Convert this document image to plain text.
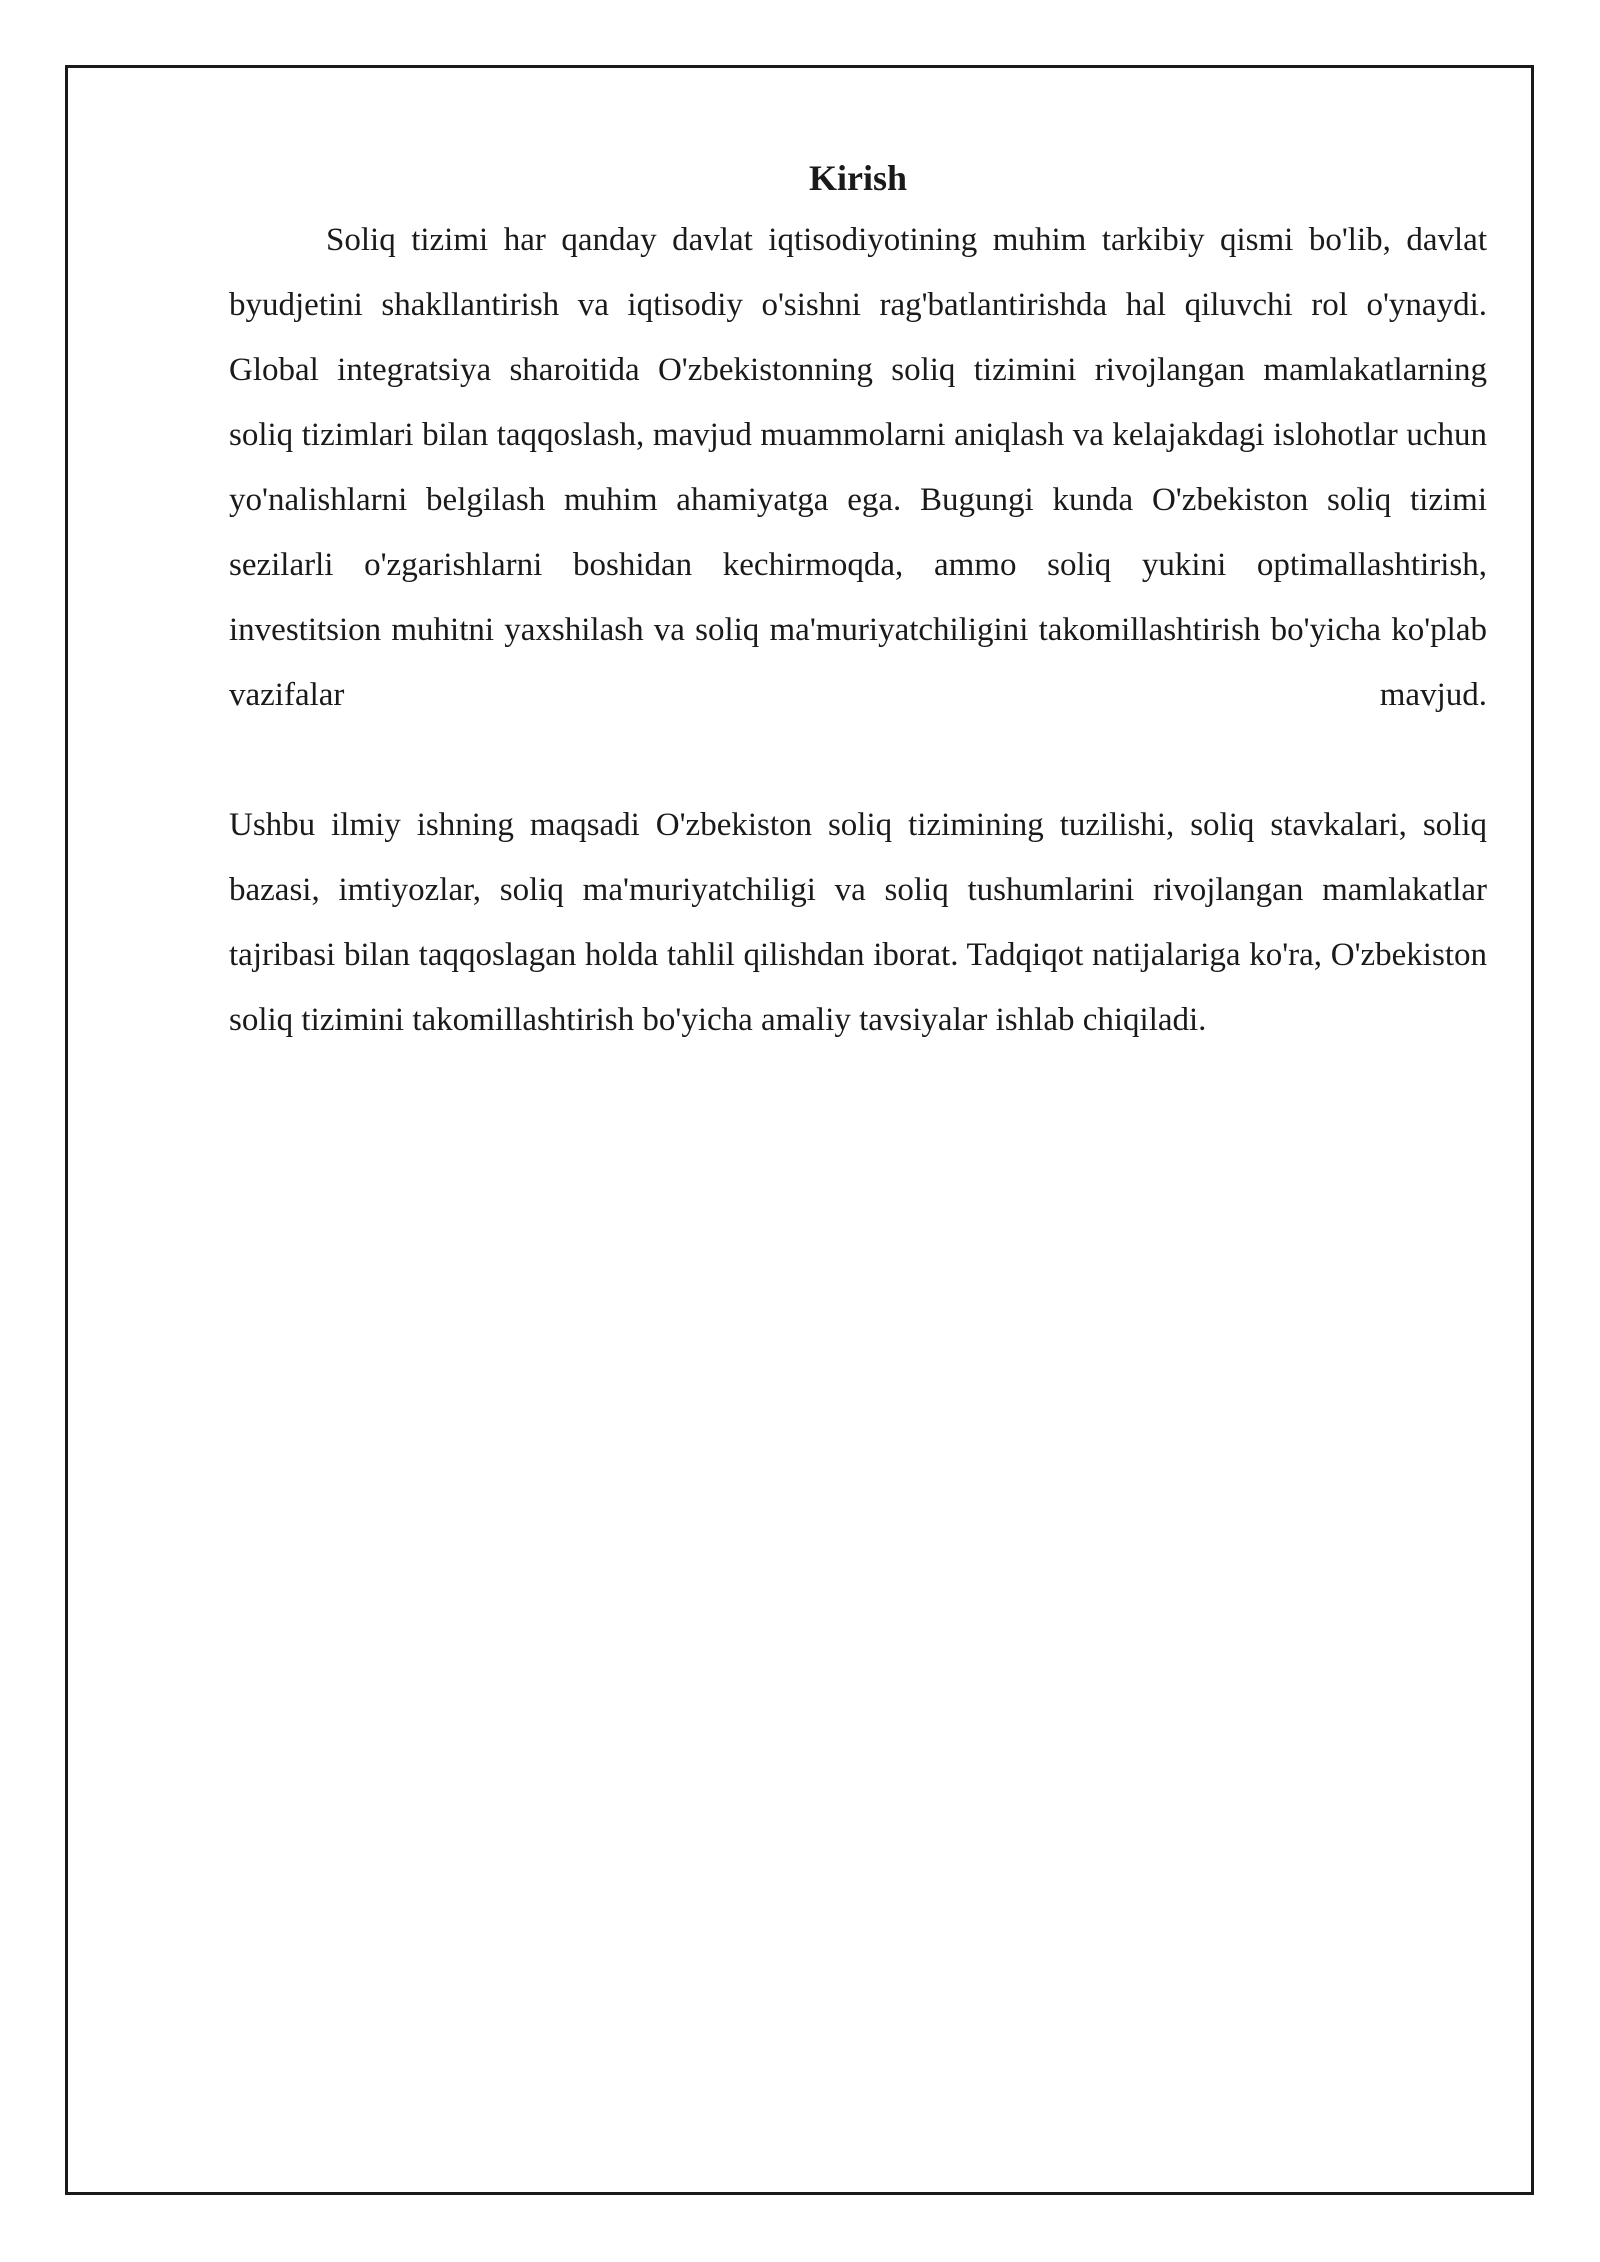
Kirish

Soliq tizimi har qanday davlat iqtisodiyotining muhim tarkibiy qismi bo'lib, davlat byudjetini shakllantirish va iqtisodiy o'sishni rag'batlantirishda hal qiluvchi rol o'ynaydi. Global integratsiya sharoitida O'zbekistonning soliq tizimini rivojlangan mamlakatlarning soliq tizimlari bilan taqqoslash, mavjud muammolarni aniqlash va kelajakdagi islohotlar uchun yo'nalishlarni belgilash muhim ahamiyatga ega. Bugungi kunda O'zbekiston soliq tizimi sezilarli o'zgarishlarni boshidan kechirmoqda, ammo soliq yukini optimallashtirish, investitsion muhitni yaxshilash va soliq ma'muriyatchiligini takomillashtirish bo'yicha ko'plab vazifalar mavjud.

Ushbu ilmiy ishning maqsadi O'zbekiston soliq tizimining tuzilishi, soliq stavkalari, soliq bazasi, imtiyozlar, soliq ma'muriyatchiligi va soliq tushumlarini rivojlangan mamlakatlar tajribasi bilan taqqoslagan holda tahlil qilishdan iborat. Tadqiqot natijalariga ko'ra, O'zbekiston soliq tizimini takomillashtirish bo'yicha amaliy tavsiyalar ishlab chiqiladi.
